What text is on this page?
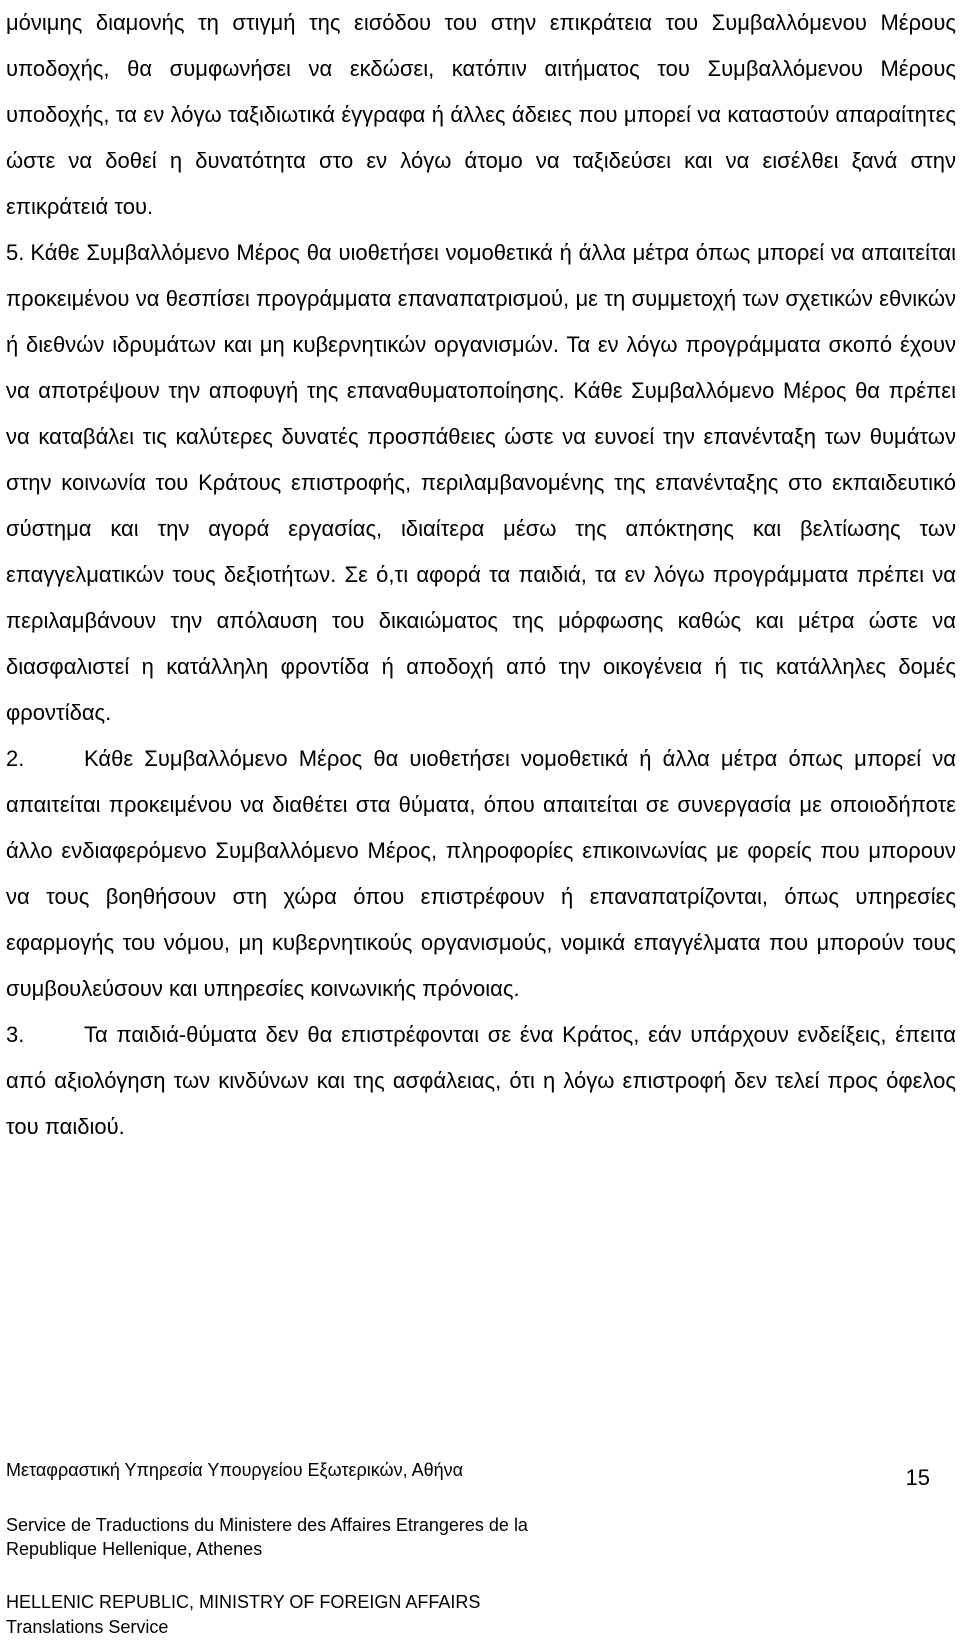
μόνιμης διαμονής τη στιγμή της εισόδου του στην επικράτεια του Συμβαλλόμενου Μέρους υποδοχής, θα συμφωνήσει να εκδώσει, κατόπιν αιτήματος του Συμβαλλόμενου Μέρους υποδοχής, τα εν λόγω ταξιδιωτικά έγγραφα ή άλλες άδειες που μπορεί να καταστούν απαραίτητες ώστε να δοθεί η δυνατότητα στο εν λόγω άτομο να ταξιδεύσει και να εισέλθει ξανά στην επικράτειά του.

5. Κάθε Συμβαλλόμενο Μέρος θα υιοθετήσει νομοθετικά ή άλλα μέτρα όπως μπορεί να απαιτείται προκειμένου να θεσπίσει προγράμματα επαναπατρισμού, με τη συμμετοχή των σχετικών εθνικών ή διεθνών ιδρυμάτων και μη κυβερνητικών οργανισμών. Τα εν λόγω προγράμματα σκοπό έχουν να αποτρέψουν την αποφυγή της επαναθυματοποίησης. Κάθε Συμβαλλόμενο Μέρος θα πρέπει να καταβάλει τις καλύτερες δυνατές προσπάθειες ώστε να ευνοεί την επανένταξη των θυμάτων στην κοινωνία του Κράτους επιστροφής, περιλαμβανομένης της επανένταξης στο εκπαιδευτικό σύστημα και την αγορά εργασίας, ιδιαίτερα μέσω της απόκτησης και βελτίωσης των επαγγελματικών τους δεξιοτήτων. Σε ό,τι αφορά τα παιδιά, τα εν λόγω προγράμματα πρέπει να περιλαμβάνουν την απόλαυση του δικαιώματος της μόρφωσης καθώς και μέτρα ώστε να διασφαλιστεί η κατάλληλη φροντίδα ή αποδοχή από την οικογένεια ή τις κατάλληλες δομές φροντίδας.

2.	Κάθε Συμβαλλόμενο Μέρος θα υιοθετήσει νομοθετικά ή άλλα μέτρα όπως μπορεί να απαιτείται προκειμένου να διαθέτει στα θύματα, όπου απαιτείται σε συνεργασία με οποιοδήποτε άλλο ενδιαφερόμενο Συμβαλλόμενο Μέρος, πληροφορίες επικοινωνίας με φορείς που μπορουν να τους βοηθήσουν στη χώρα όπου επιστρέφουν ή επαναπατρίζονται, όπως υπηρεσίες εφαρμογής του νόμου, μη κυβερνητικούς οργανισμούς, νομικά επαγγέλματα που μπορούν τους συμβουλεύσουν και υπηρεσίες κοινωνικής πρόνοιας.

3.	Τα παιδιά-θύματα δεν θα επιστρέφονται σε ένα Κράτος, εάν υπάρχουν ενδείξεις, έπειτα από αξιολόγηση των κινδύνων και της ασφάλειας, ότι η λόγω επιστροφή δεν τελεί προς όφελος του παιδιού.

Μεταφραστική Υπηρεσία Υπουργείου Εξωτερικών, Αθήνα	15
Service de Traductions du Ministere des Affaires Etrangeres de la
Republique Hellenique, Athenes
HELLENIC REPUBLIC, MINISTRY OF FOREIGN AFFAIRS
Translations Service
